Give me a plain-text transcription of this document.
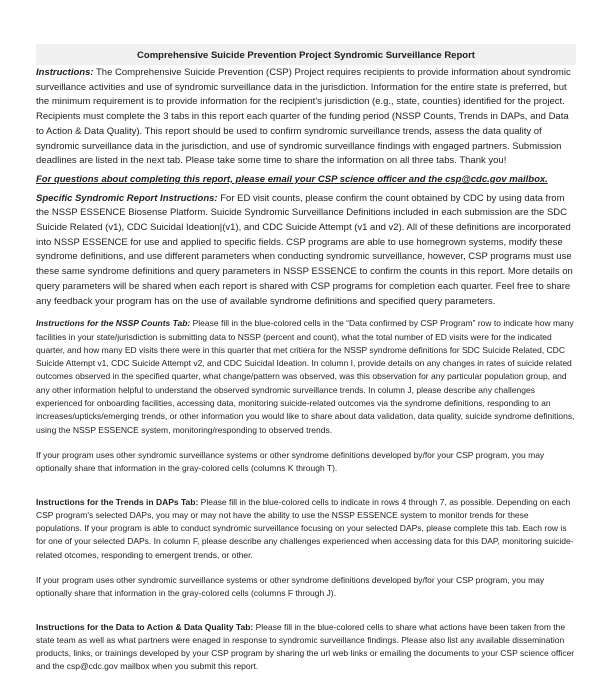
Comprehensive Suicide Prevention Project Syndromic Surveillance Report

Instructions: The Comprehensive Suicide Prevention (CSP) Project requires recipients to provide information about syndromic surveillance activities and use of syndromic surveillance data in the jurisdiction. Information for the entire state is preferred, but the minimum requirement is to provide information for the recipient's jurisdiction (e.g., state, counties) identified for the project. Recipients must complete the 3 tabs in this report each quarter of the funding period (NSSP Counts, Trends in DAPs, and Data to Action & Data Quality). This report should be used to confirm syndromic surveillance trends, assess the data quality of syndromic surveillance data in the jurisdiction, and use of syndromic surveillance findings with engaged partners. Submission deadlines are listed in the next tab. Please take some time to share the information on all three tabs. Thank you!

For questions about completing this report, please email your CSP science officer and the csp@cdc.gov mailbox.

Specific Syndromic Report Instructions: For ED visit counts, please confirm the count obtained by CDC by using data from the NSSP ESSENCE Biosense Platform. Suicide Syndromic Surveillance Definitions included in each submission are the SDC Suicide Related (v1), CDC Suicidal Ideation|(v1), and CDC Suicide Attempt (v1 and v2). All of these definitions are incorporated into NSSP ESSENCE for use and applied to specific fields. CSP programs are able to use homegrown systems, modify these syndrome definitions, and use different parameters when conducting syndromic surveillance, however, CSP programs must use these same syndrome definitions and query parameters in NSSP ESSENCE to confirm the counts in this report. More details on query parameters will be shared when each report is shared with CSP programs for completion each quarter. Feel free to share any feedback your program has on the use of available syndrome definitions and specified query parameters.

Instructions for the NSSP Counts Tab: Please fill in the blue-colored cells in the “Data confirmed by CSP Program” row to indicate how many facilities in your state/jurisdiction is submitting data to NSSP (percent and count), what the total number of ED visits were for the indicated quarter, and how many ED visits there were in this quarter that met critiera for the NSSP syndrome definitions for SDC Suicide Related, CDC Suicide Attempt v1, CDC Suicide Attempt v2, and CDC Suicidal Ideation. In column I, provide details on any changes in rates of suicide related outcomes observed in the specified quarter, what change/pattern was observed, was this observation for any particular population group, and any other information helpful to understand the observed syndromic surveillance trends. In column J, please describe any challenges experienced for onboarding facilities, accessing data, monitoring suicide-related outcomes via the syndrome definitions, responding to an increases/upticks/emerging trends, or other information you would like to share about data validation, data quality, suicide syndrome definitions, using the NSSP ESSENCE system, monitoring/responding to observed trends.

If your program uses other syndromic surveillance systems or other syndrome definitions developed by/for your CSP program, you may optionally share that information in the gray-colored cells (columns K through T).

Instructions for the Trends in DAPs Tab: Please fill in the blue-colored cells to indicate in rows 4 through 7, as possible. Depending on each CSP program's selected DAPs, you may or may not have the ability to use the NSSP ESSENCE system to monitor trends for these populations. If your program is able to conduct syndromic surveillance focusing on your selected DAPs, please complete this tab. Each row is for one of your selected DAPs. In column F, please describe any challenges experienced when accessing data for this DAP, monitoring suicide-related otcomes, responding to emergent trends, or other.

If your program uses other syndromic surveillance systems or other syndrome definitions developed by/for your CSP program, you may optionally share that information in the gray-colored cells (columns F through J).

Instructions for the Data to Action & Data Quality Tab: Please fill in the blue-colored cells to share what actions have been taken from the state team as well as what partners were enaged in response to syndromic surveillance findings. Please also list any available dissemination products, links, or trainings developed by your CSP program by sharing the url web links or emailing the documents to your CSP science officer and the csp@cdc.gov mailbox when you submit this report.
